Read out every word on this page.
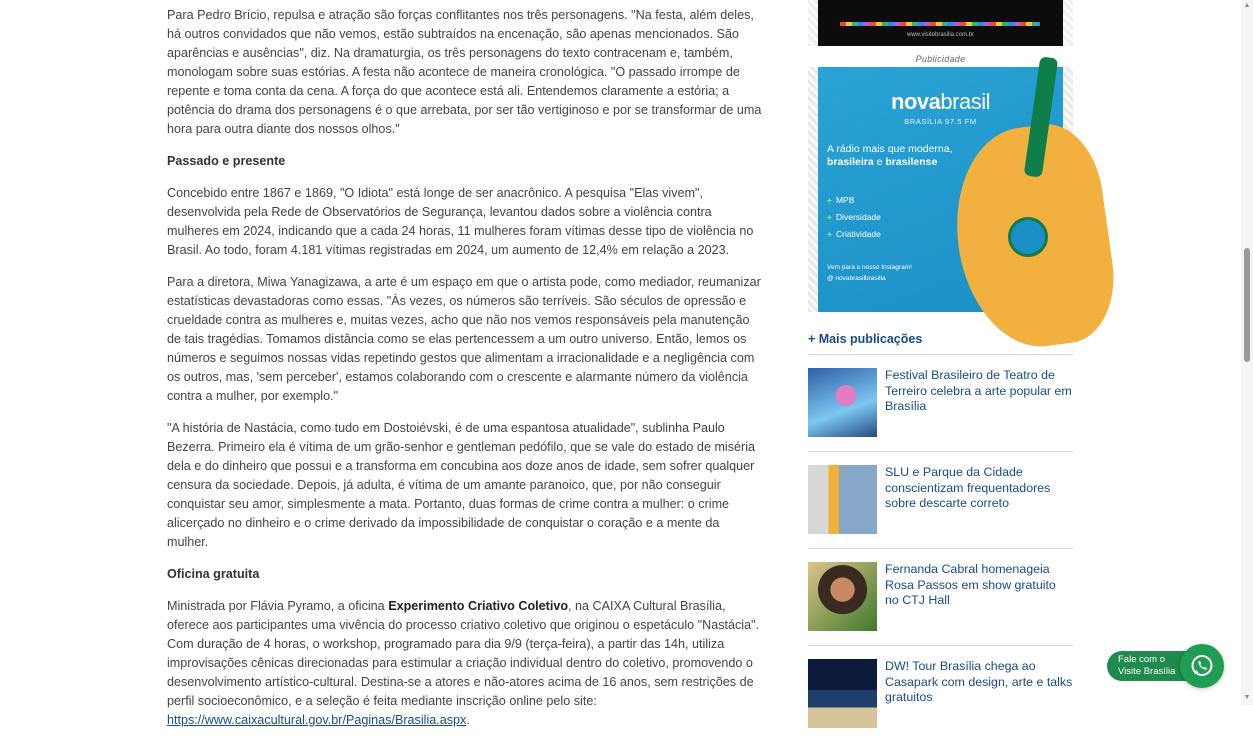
Para Pedro Brício, repulsa e atração são forças conflitantes nos três personagens. "Na festa, além deles, há outros convidados que não vemos, estão subtraídos na encenação, são apenas mencionados. São aparências e ausências", diz. Na dramaturgia, os três personagens do texto contracenam e, também, monologam sobre suas estórias. A festa não acontece de maneira cronológica. "O passado irrompe de repente e toma conta da cena. A força do que acontece está ali. Entendemos claramente a estória; a potência do drama dos personagens é o que arrebata, por ser tão vertiginoso e por se transformar de uma hora para outra diante dos nossos olhos."

Passado e presente

Concebido entre 1867 e 1869, "O Idiota" está longe de ser anacrônico. A pesquisa "Elas vivem", desenvolvida pela Rede de Observatórios de Segurança, levantou dados sobre a violência contra mulheres em 2024, indicando que a cada 24 horas, 11 mulheres foram vítimas desse tipo de violência no Brasil. Ao todo, foram 4.181 vítimas registradas em 2024, um aumento de 12,4% em relação a 2023.

Para a diretora, Miwa Yanagizawa, a arte é um espaço em que o artista pode, como mediador, reumanizar estatísticas devastadoras como essas. "Às vezes, os números são terríveis. São séculos de opressão e crueldade contra as mulheres e, muitas vezes, acho que não nos vemos responsáveis pela manutenção de tais tragédias. Tomamos distância como se elas pertencessem a um outro universo. Então, lemos os números e seguimos nossas vidas repetindo gestos que alimentam a irracionalidade e a negligência com os outros, mas, 'sem perceber', estamos colaborando com o crescente e alarmante número da violência contra a mulher, por exemplo."

"A história de Nastácia, como tudo em Dostoiévski, é de uma espantosa atualidade", sublinha Paulo Bezerra. Primeiro ela é vítima de um grão-senhor e gentleman pedófilo, que se vale do estado de miséria dela e do dinheiro que possui e a transforma em concubina aos doze anos de idade, sem sofrer qualquer censura da sociedade. Depois, já adulta, é vítima de um amante paranoico, que, por não conseguir conquistar seu amor, simplesmente a mata. Portanto, duas formas de crime contra a mulher: o crime alicerçado no dinheiro e o crime derivado da impossibilidade de conquistar o coração e a mente da mulher.

Oficina gratuita

Ministrada por Flávia Pyramo, a oficina Experimento Criativo Coletivo, na CAIXA Cultural Brasília, oferece aos participantes uma vivência do processo criativo coletivo que originou o espetáculo "Nastácia". Com duração de 4 horas, o workshop, programado para dia 9/9 (terça-feira), a partir das 14h, utiliza improvisações cênicas direcionadas para estimular a criação individual dentro do coletivo, promovendo o desenvolvimento artístico-cultural. Destina-se a atores e não-atores acima de 16 anos, sem restrições de perfil socioeconômico, e a seleção é feita mediante inscrição online pelo site: https://www.caixacultural.gov.br/Paginas/Brasilia.aspx.

www.visitebrasilia.com.br
Publicidade
novabrasil
BRASÍLIA 97.5 FM
A rádio mais que moderna, brasileira e brasilense
+ MPB
+ Diversidade
+ Criatividade
Vem para o nosso Instagram!
@ novabrasilbrasilia
+ Mais publicações
Festival Brasileiro de Teatro de Terreiro celebra a arte popular em Brasília
SLU e Parque da Cidade conscientizam frequentadores sobre descarte correto
Fernanda Cabral homenageia Rosa Passos em show gratuito no CTJ Hall
DW! Tour Brasília chega ao Casapark com design, arte e talks gratuitos
Fale com o
Visite Brasília
▲
▼
